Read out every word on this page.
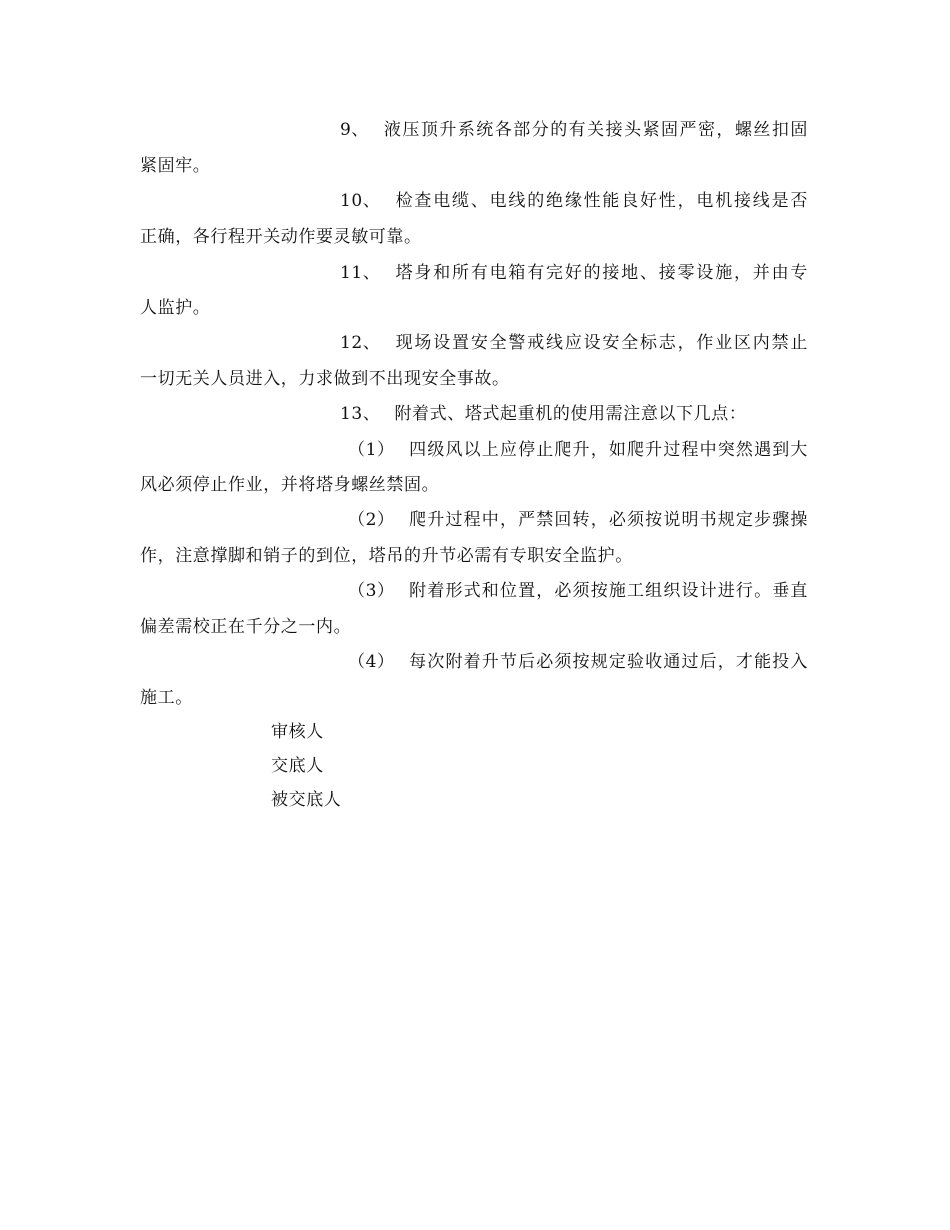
9、 液压顶升系统各部分的有关接头紧固严密，螺丝扣固
紧固牢。
10、 检查电缆、电线的绝缘性能良好性，电机接线是否
正确，各行程开关动作要灵敏可靠。
11、 塔身和所有电箱有完好的接地、接零设施，并由专
人监护。
12、 现场设置安全警戒线应设安全标志，作业区内禁止
一切无关人员进入，力求做到不出现安全事故。
13、 附着式、塔式起重机的使用需注意以下几点：
（1） 四级风以上应停止爬升，如爬升过程中突然遇到大
风必须停止作业，并将塔身螺丝禁固。
（2） 爬升过程中，严禁回转，必须按说明书规定步骤操
作，注意撑脚和销子的到位，塔吊的升节必需有专职安全监护。
（3） 附着形式和位置，必须按施工组织设计进行。垂直
偏差需校正在千分之一内。
（4） 每次附着升节后必须按规定验收通过后，才能投入
施工。
审核人
交底人
被交底人
